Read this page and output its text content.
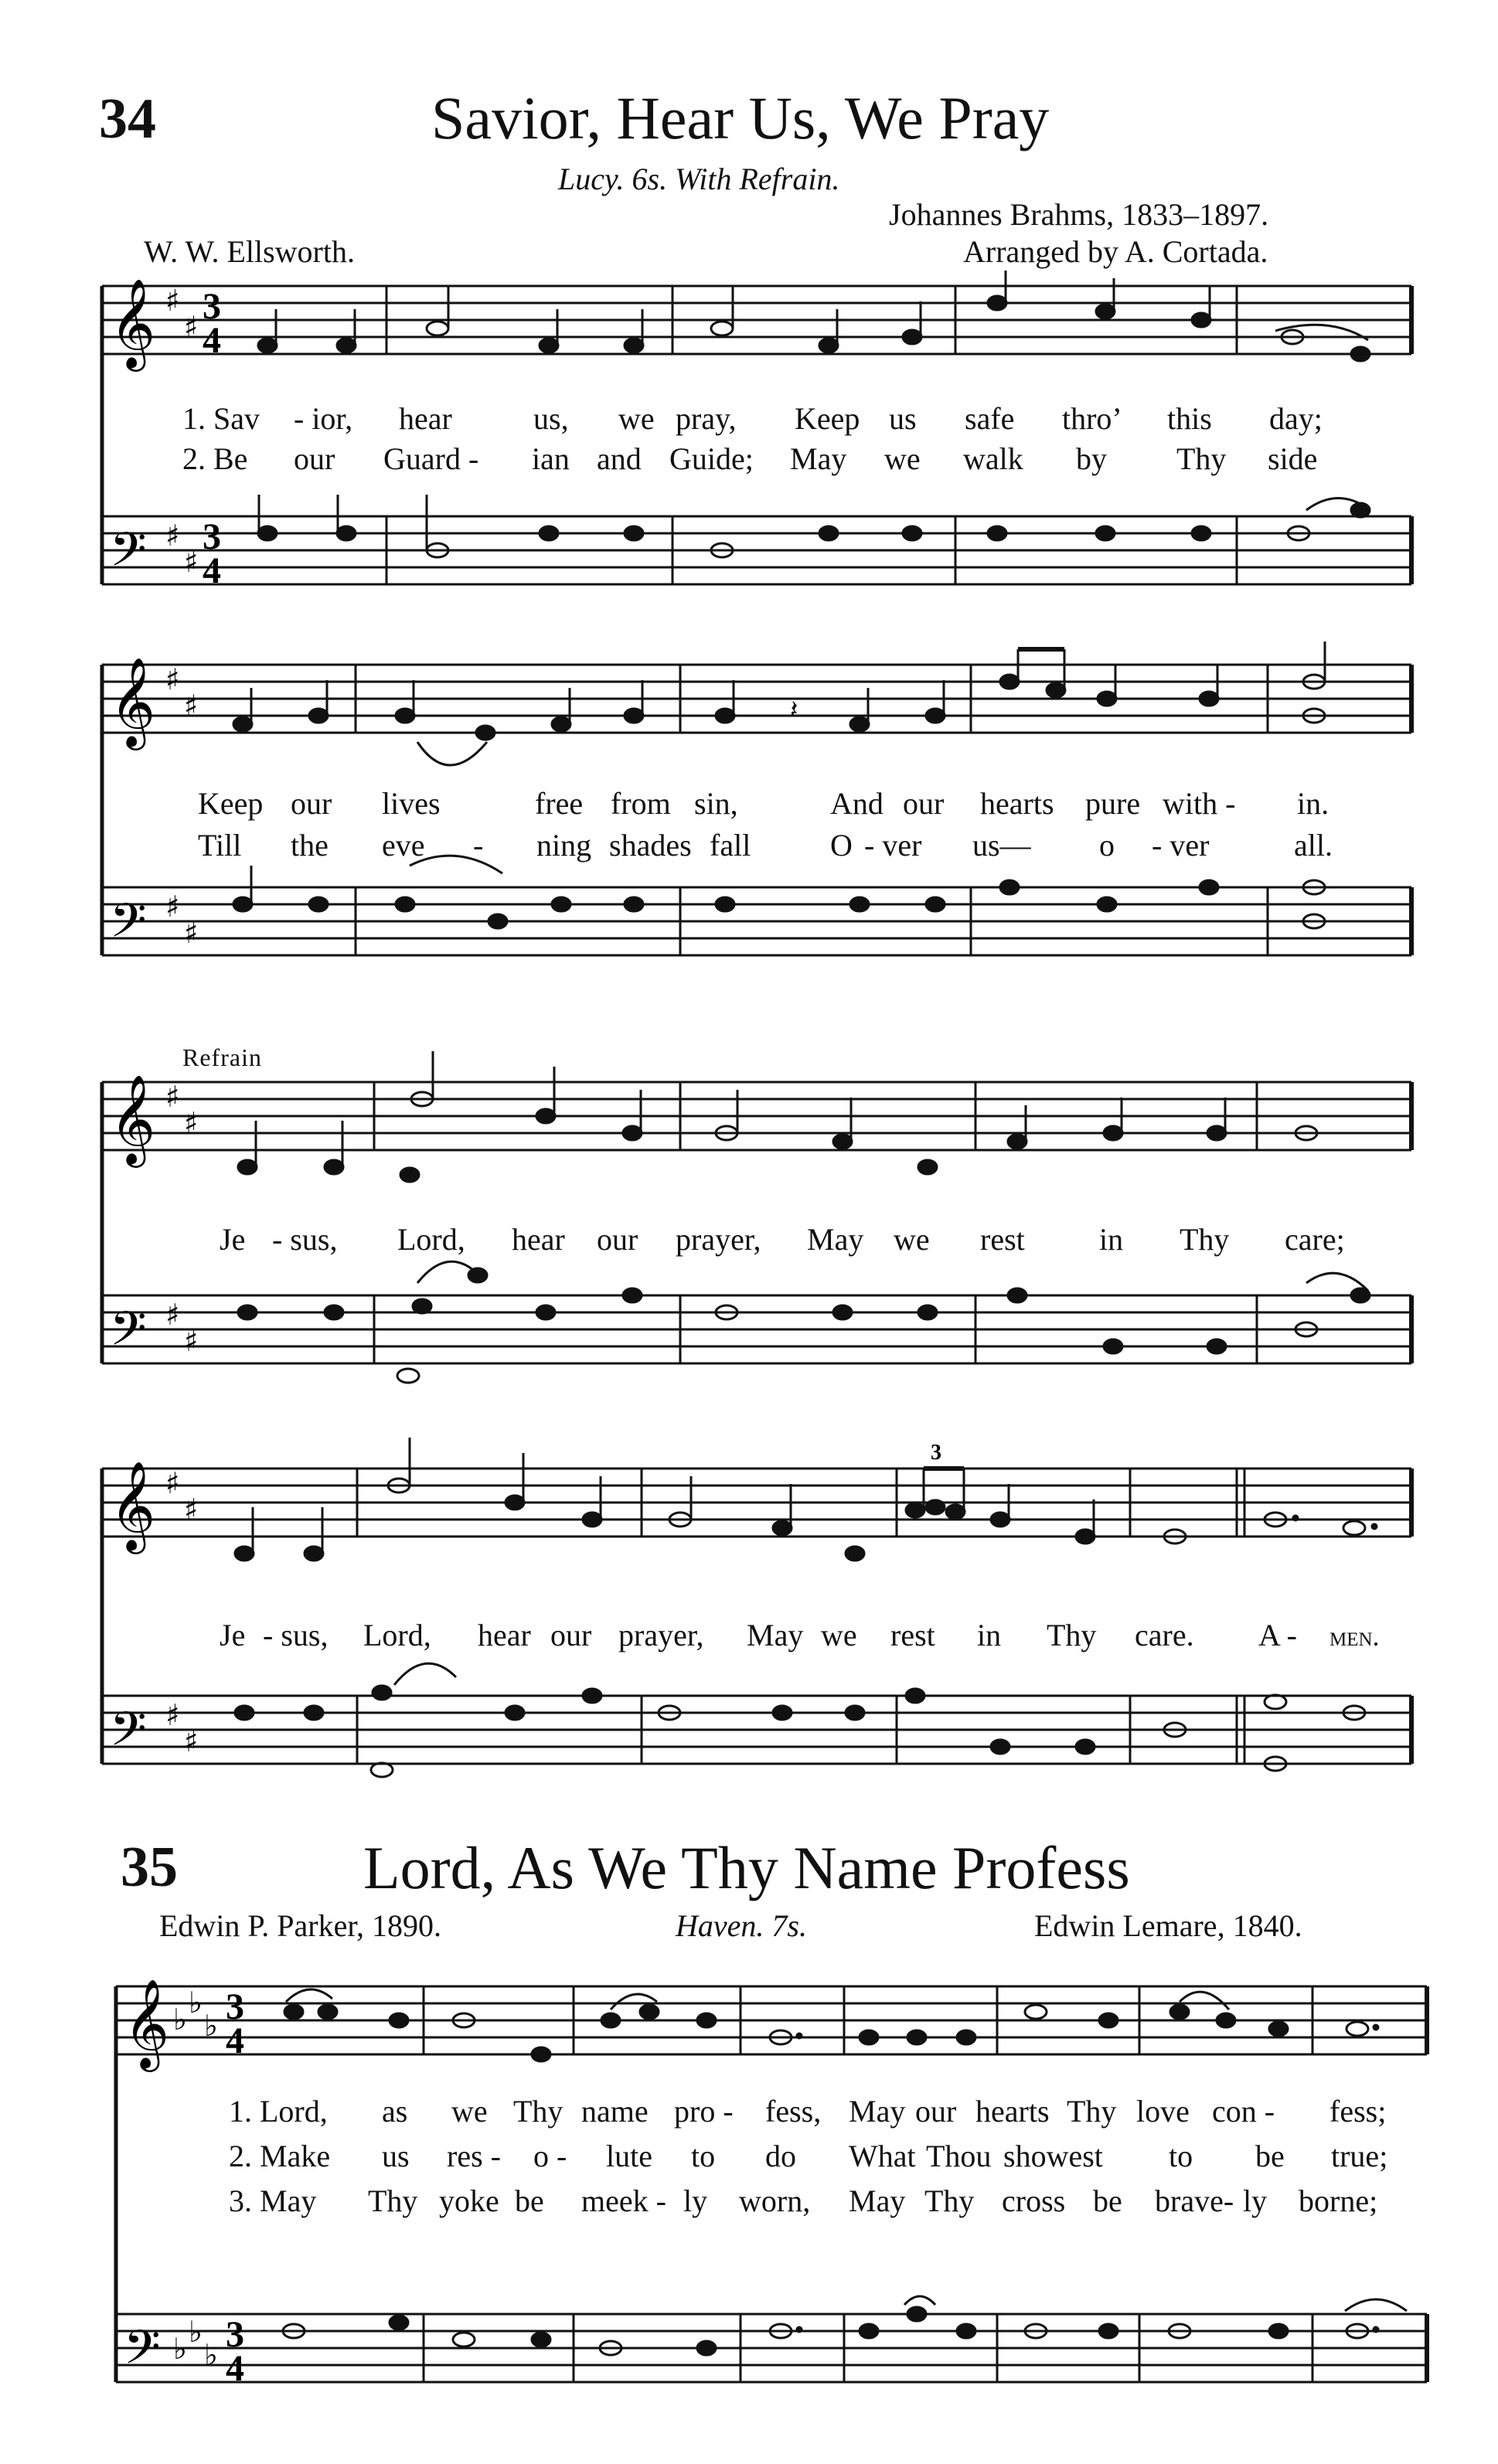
34	Savior, Hear Us, We Pray
Lucy. 6s. With Refrain.
Johannes Brahms, 1833–1897.
W. W. Ellsworth.	Arranged by A. Cortada.
𝄞
𝄢
♯
♯
♯
♯
3
4
3
4
1. Sav - ior, hear	us, we pray, Keep us safe thro’ this day;
2. Be our Guard - ian and Guide; May we walk by Thy side
𝄽
𝄞
𝄢
♯
♯
♯
♯
Keep our lives	free from sin,	And our hearts pure with - in.
Till the eve - ning shades fall	O - ver us— o - ver	all.
Refrain
𝄞
𝄢
♯
♯
♯
♯
Je - sus, Lord, hear our prayer, May we rest in Thy care;
3
𝄞
𝄢
♯
♯
♯
♯
Je - sus, Lord, hear our prayer, May we rest in Thy care. A - men.
35	Lord, As We Thy Name Profess
Edwin P. Parker, 1890.	Haven. 7s.	Edwin Lemare, 1840.
𝄞
𝄢
♭ ♭
♭
♭ ♭
♭
3
4
3
4
1. Lord, as we Thy name pro - fess, May our hearts Thy love con - fess;
2. Make us res - o - lute to do What Thou showest to be true;
3. May Thy yoke be meek - ly worn, May Thy cross be brave- ly borne;
